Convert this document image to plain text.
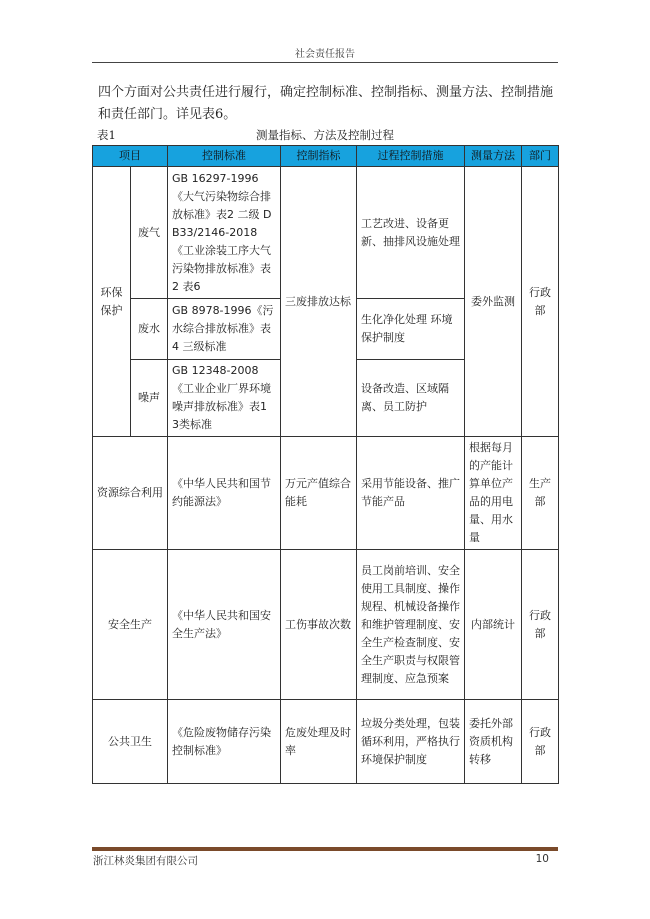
社会责任报告
四个方面对公共责任进行履行，确定控制标准、控制指标、测量方法、控制措施和责任部门。详见表6。
表1	测量指标、方法及控制过程
项目		控制标准	控制指标	过程控制措施	测量方法	部门
环保保护	废气	GB 16297-1996《大气污染物综合排放标准》表2 二级 DB33/2146-2018《工业涂装工序大气污染物排放标准》表2 表6	三废排放达标	工艺改进、设备更新、抽排风设施处理	委外监测	行政部
	废水	GB 8978-1996《污水综合排放标准》表4 三级标准		生化净化处理 环境保护制度		
	噪声	GB 12348-2008《工业企业厂界环境噪声排放标准》表1 3类标准		设备改造、区域隔离、员工防护		
资源综合利用		《中华人民共和国节约能源法》	万元产值综合能耗	采用节能设备、推广节能产品	根据每月的产能计算单位产品的用电量、用水量	生产部
安全生产		《中华人民共和国安全生产法》	工伤事故次数	员工岗前培训、安全使用工具制度、操作规程、机械设备操作和维护管理制度、安全生产检查制度、安全生产职责与权限管理制度、应急预案	内部统计	行政部
公共卫生		《危险废物储存污染控制标准》	危废处理及时率	垃圾分类处理，包装循环利用，严格执行环境保护制度	委托外部资质机构转移	行政部
浙江林炎集团有限公司	10
